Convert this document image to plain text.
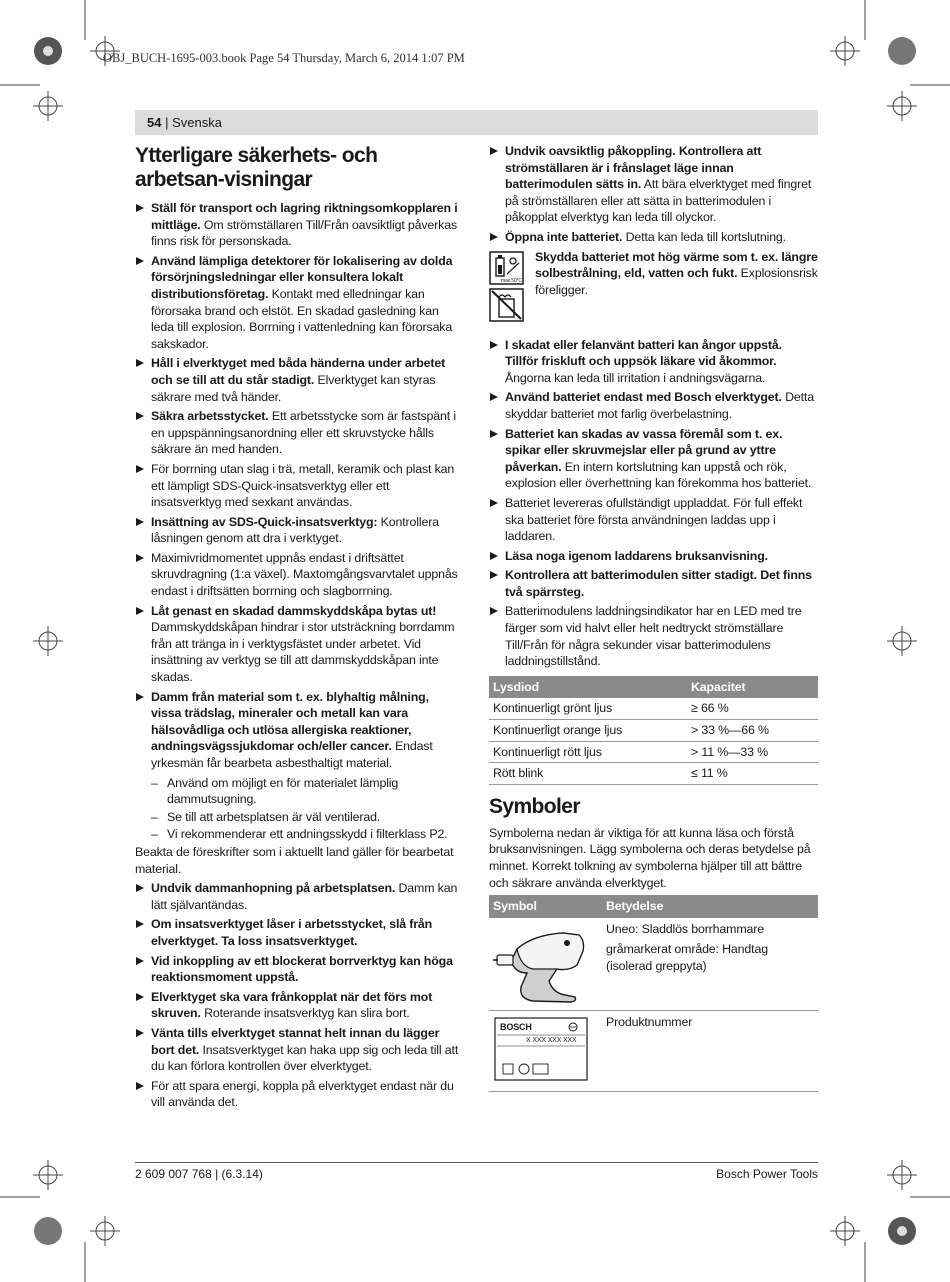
OBJ_BUCH-1695-003.book Page 54 Thursday, March 6, 2014 1:07 PM
54 | Svenska
Ytterligare säkerhets- och arbetsan-visningar
Ställ för transport och lagring riktningsomkopplaren i mittläge. Om strömställaren Till/Från oavsiktligt påverkas finns risk för personskada.
Använd lämpliga detektorer för lokalisering av dolda försörjningsledningar eller konsultera lokalt distributionsföretag. Kontakt med elledningar kan förorsaka brand och elstöt. En skadad gasledning kan leda till explosion. Borrning i vattenledning kan förorsaka sakskador.
Håll i elverktyget med båda händerna under arbetet och se till att du står stadigt. Elverktyget kan styras säkrare med två händer.
Säkra arbetsstycket. Ett arbetsstycke som är fastspänt i en uppspänningsanordning eller ett skruvstycke hålls säkrare än med handen.
För borrning utan slag i trä, metall, keramik och plast kan ett lämpligt SDS-Quick-insatsverktyg eller ett insatsverktyg med sexkant användas.
Insättning av SDS-Quick-insatsverktyg: Kontrollera låsningen genom att dra i verktyget.
Maximivridmomentet uppnås endast i driftsättet skruvdragning (1:a växel). Maxtomgångsvarvtalet uppnås endast i driftsätten borrning och slagborrning.
Låt genast en skadad dammskyddskåpa bytas ut! Dammskyddskåpan hindrar i stor utsträckning borrdamm från att tränga in i verktygsfästet under arbetet. Vid insättning av verktyg se till att dammskyddskåpan inte skadas.
Damm från material som t. ex. blyhaltig målning, vissa trädslag, mineraler och metall kan vara hälsovådliga och utlösa allergiska reaktioner, andningsvägssjukdomar och/eller cancer. Endast yrkesmän får bearbeta asbesthaltigt material.
– Använd om möjligt en för materialet lämplig dammutsugning.
– Se till att arbetsplatsen är väl ventilerad.
– Vi rekommenderar ett andningsskydd i filterklass P2.
Beakta de föreskrifter som i aktuellt land gäller för bearbetat material.
Undvik dammanhopning på arbetsplatsen. Damm kan lätt självantändas.
Om insatsverktyget låser i arbetsstycket, slå från elverktyget. Ta loss insatsverktyget.
Vid inkoppling av ett blockerat borrverktyg kan höga reaktionsmoment uppstå.
Elverktyget ska vara frånkopplat när det förs mot skruven. Roterande insatsverktyg kan slira bort.
Vänta tills elverktyget stannat helt innan du lägger bort det. Insatsverktyget kan haka upp sig och leda till att du kan förlora kontrollen över elverktyget.
För att spara energi, koppla på elverktyget endast när du vill använda det.
Undvik oavsiktlig påkoppling. Kontrollera att strömställaren är i frånslaget läge innan batterimodulen sätts in. Att bära elverktyget med fingret på strömställaren eller att sätta in batterimodulen i påkopplat elverktyg kan leda till olyckor.
Öppna inte batteriet. Detta kan leda till kortslutning.
max.50°C
Skydda batteriet mot hög värme som t. ex. längre solbestrålning, eld, vatten och fukt. Explosionsrisk föreligger.
I skadat eller felanvänt batteri kan ångor uppstå. Tillför friskluft och uppsök läkare vid åkommor. Ångorna kan leda till irritation i andningsvägarna.
Använd batteriet endast med Bosch elverktyget. Detta skyddar batteriet mot farlig överbelastning.
Batteriet kan skadas av vassa föremål som t. ex. spikar eller skruvmejslar eller på grund av yttre påverkan. En intern kortslutning kan uppstå och rök, explosion eller överhettning kan förekomma hos batteriet.
Batteriet levereras ofullständigt uppladdat. För full effekt ska batteriet före första användningen laddas upp i laddaren.
Läsa noga igenom laddarens bruksanvisning.
Kontrollera att batterimodulen sitter stadigt. Det finns två spärrsteg.
Batterimodulens laddningsindikator har en LED med tre färger som vid halvt eller helt nedtryckt strömställare Till/Från för några sekunder visar batterimodulens laddningstillstånd.
Lysdiod	Kapacitet
Kontinuerligt grönt ljus	≥ 66 %
Kontinuerligt orange ljus	> 33 %—66 %
Kontinuerligt rött ljus	> 11 %—33 %
Rött blink	≤ 11 %
Symboler
Symbolerna nedan är viktiga för att kunna läsa och förstå bruksanvisningen. Lägg symbolerna och deras betydelse på minnet. Korrekt tolkning av symbolerna hjälper till att bättre och säkrare använda elverktyget.
Symbol	Betydelse

Uneo: Sladdlös borrhammare
gråmarkerat område: Handtag (isolerad greppyta)

BOSCH
X XXX XXX XXX	Produktnummer
2 609 007 768 | (6.3.14)	Bosch Power Tools
